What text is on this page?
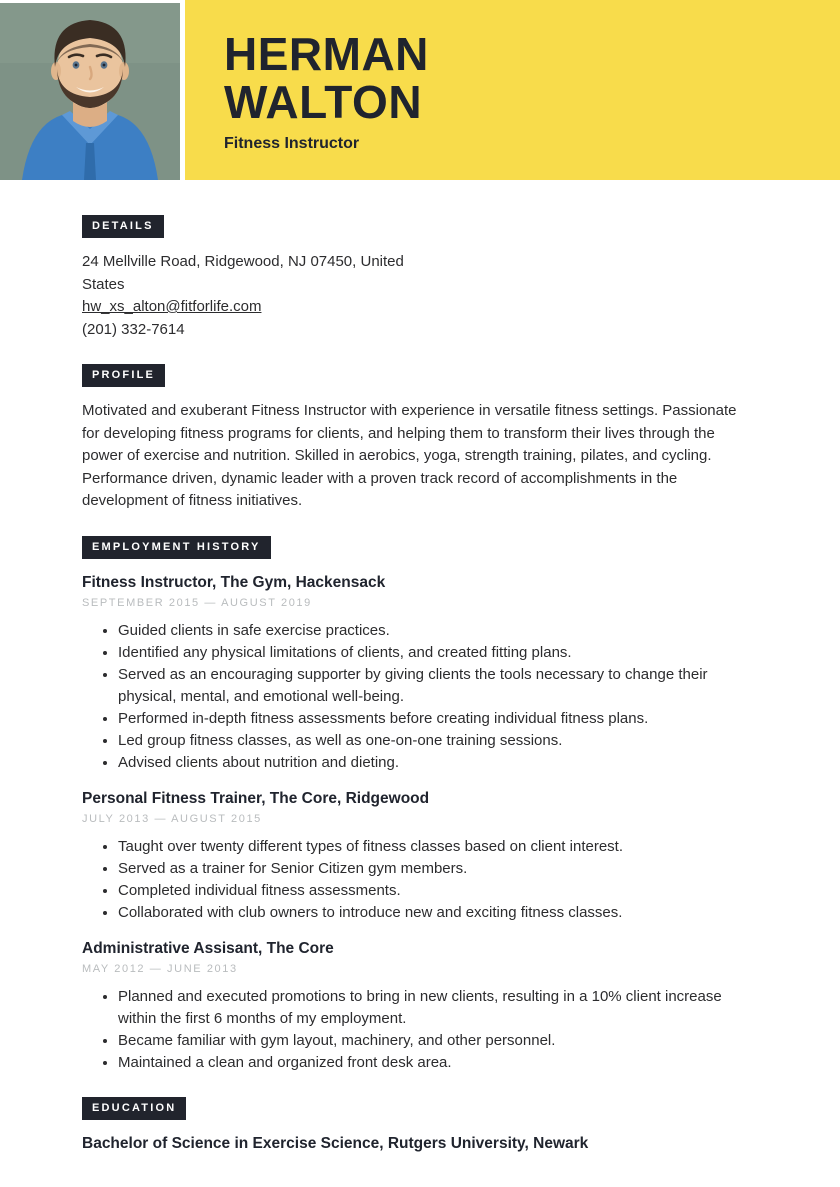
HERMAN
WALTON
Fitness Instructor
DETAILS

24 Mellville Road, Ridgewood, NJ 07450, United

States

hw_xs_alton@fitforlife.com

(201) 332-7614

PROFILE

Motivated and exuberant Fitness Instructor with experience in versatile fitness settings. Passionate for developing fitness programs for clients, and helping them to transform their lives through the power of exercise and nutrition. Skilled in aerobics, yoga, strength training, pilates, and cycling. Performance driven, dynamic leader with a proven track record of accomplishments in the development of fitness initiatives.

EMPLOYMENT HISTORY
Fitness Instructor, The Gym, Hackensack
SEPTEMBER 2015 — AUGUST 2019
• Guided clients in safe exercise practices.
• Identified any physical limitations of clients, and created fitting plans.
• Served as an encouraging supporter by giving clients the tools necessary to change their physical, mental, and emotional well-being.
• Performed in-depth fitness assessments before creating individual fitness plans.
• Led group fitness classes, as well as one-on-one training sessions.
• Advised clients about nutrition and dieting.
Personal Fitness Trainer, The Core, Ridgewood
JULY 2013 — AUGUST 2015
• Taught over twenty different types of fitness classes based on client interest.
• Served as a trainer for Senior Citizen gym members.
• Completed individual fitness assessments.
• Collaborated with club owners to introduce new and exciting fitness classes.
Administrative Assisant, The Core
MAY 2012 — JUNE 2013
• Planned and executed promotions to bring in new clients, resulting in a 10% client increase within the first 6 months of my employment.
• Became familiar with gym layout, machinery, and other personnel.
• Maintained a clean and organized front desk area.
EDUCATION
Bachelor of Science in Exercise Science, Rutgers University, Newark
